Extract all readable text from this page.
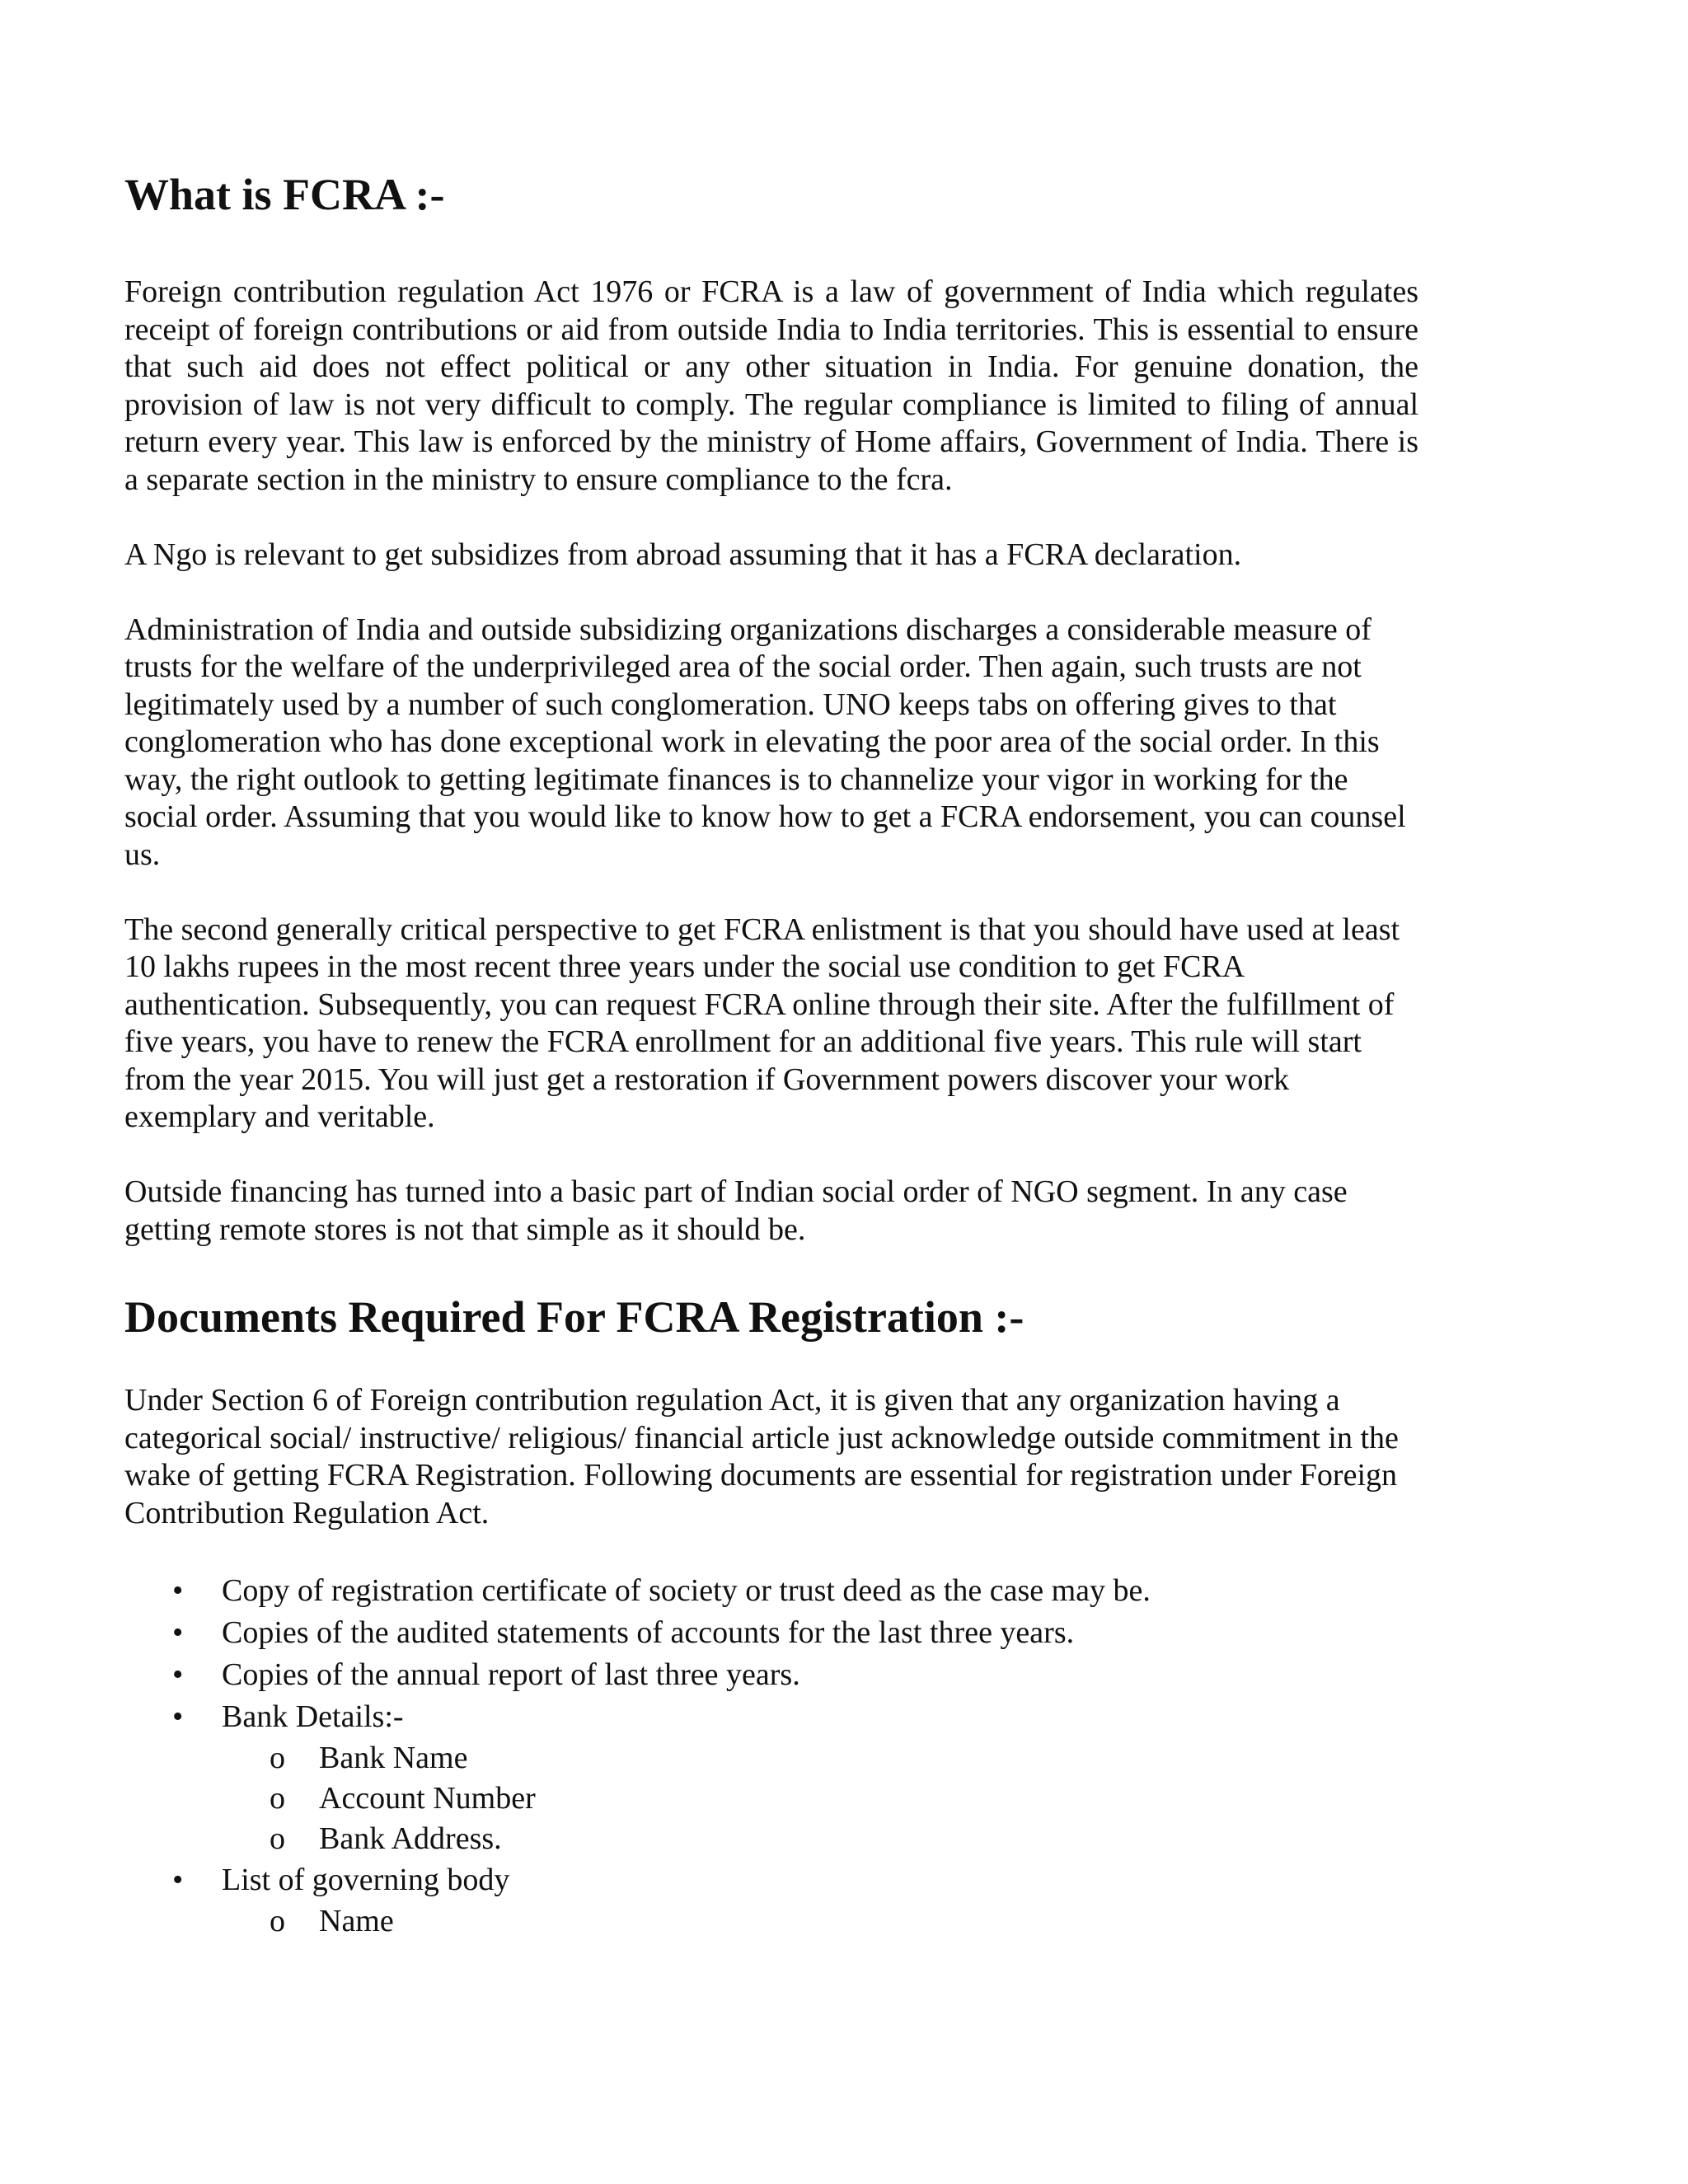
What is FCRA :-

Foreign contribution regulation Act 1976 or FCRA is a law of government of India which regulates receipt of foreign contributions or aid from outside India to India territories. This is essential to ensure that such aid does not effect political or any other situation in India. For genuine donation, the provision of law is not very difficult to comply. The regular compliance is limited to filing of annual return every year. This law is enforced by the ministry of Home affairs, Government of India. There is a separate section in the ministry to ensure compliance to the fcra.

A Ngo is relevant to get subsidizes from abroad assuming that it has a FCRA declaration.

Administration of India and outside subsidizing organizations discharges a considerable measure of trusts for the welfare of the underprivileged area of the social order. Then again, such trusts are not legitimately used by a number of such conglomeration. UNO keeps tabs on offering gives to that conglomeration who has done exceptional work in elevating the poor area of the social order. In this way, the right outlook to getting legitimate finances is to channelize your vigor in working for the social order. Assuming that you would like to know how to get a FCRA endorsement, you can counsel us.

The second generally critical perspective to get FCRA enlistment is that you should have used at least 10 lakhs rupees in the most recent three years under the social use condition to get FCRA authentication. Subsequently, you can request FCRA online through their site. After the fulfillment of five years, you have to renew the FCRA enrollment for an additional five years. This rule will start from the year 2015. You will just get a restoration if Government powers discover your work exemplary and veritable.

Outside financing has turned into a basic part of Indian social order of NGO segment. In any case getting remote stores is not that simple as it should be.

Documents Required For FCRA Registration :-

Under Section 6 of Foreign contribution regulation Act, it is given that any organization having a categorical social/ instructive/ religious/ financial article just acknowledge outside commitment in the wake of getting FCRA Registration. Following documents are essential for registration under Foreign Contribution Regulation Act.

• Copy of registration certificate of society or trust deed as the case may be.
• Copies of the audited statements of accounts for the last three years.
• Copies of the annual report of last three years.
• Bank Details:-
o Bank Name
o Account Number
o Bank Address.
• List of governing body
o Name
